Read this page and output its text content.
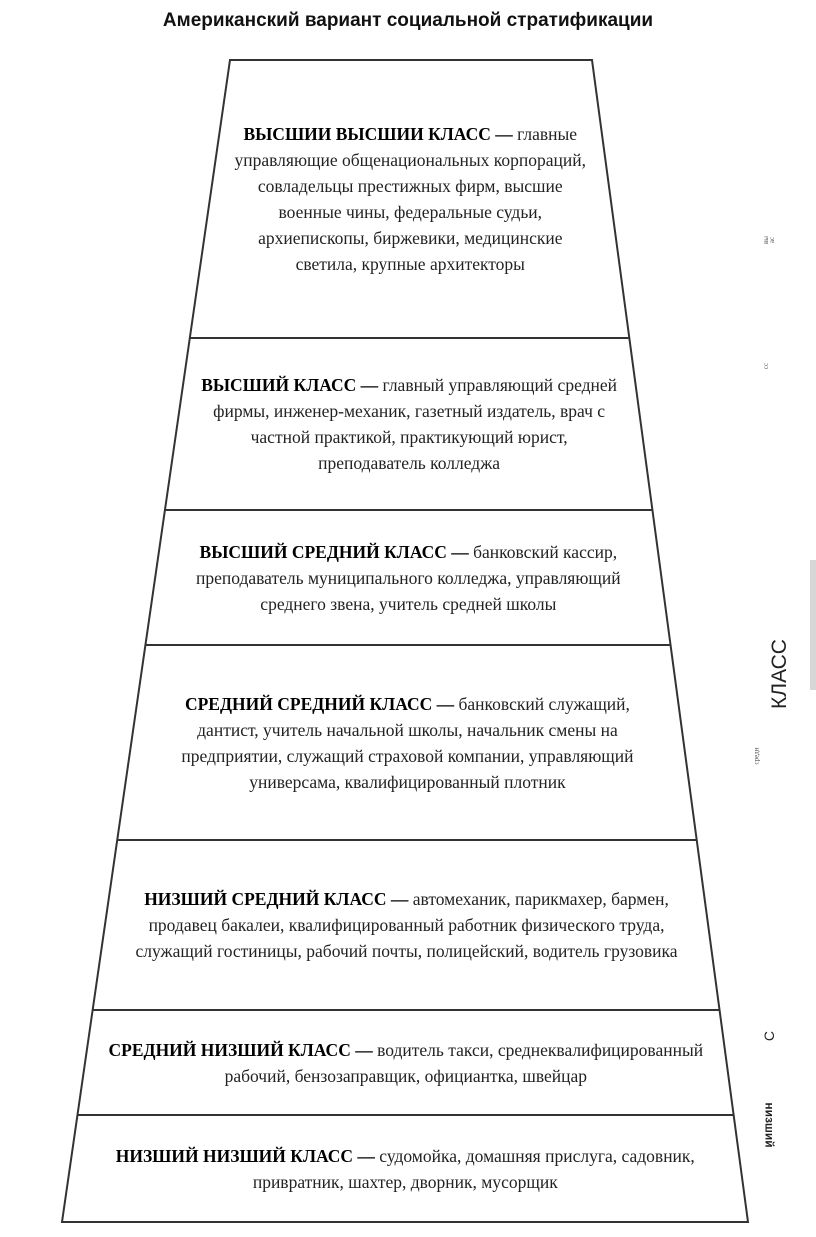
Американский вариант социальной стратификации
ВЫСШИИ ВЫСШИИ КЛАСС — главные управляющие общенациональных корпораций, совладельцы престижных фирм, высшие военные чины, федеральные судьи, архиепископы, биржевики, медицинские светила, крупные архитекторы
ВЫСШИЙ КЛАСС — главный управляющий средней фирмы, инженер-механик, газетный издатель, врач с частной практикой, практикующий юрист, преподаватель колледжа
ВЫСШИЙ СРЕДНИЙ КЛАСС — банковский кассир, преподаватель муниципального колледжа, управляющий среднего звена, учитель средней школы
СРЕДНИЙ СРЕДНИЙ КЛАСС — банковский служащий, дантист, учитель начальной школы, начальник смены на предприятии, служащий страховой компании, управляющий универсама, квалифицированный плотник
НИЗШИЙ СРЕДНИЙ КЛАСС — автомеханик, парикмахер, бармен, продавец бакалеи, квалифицированный работник физического труда, служащий гостиницы, рабочий почты, полицейский, водитель грузовика
СРЕДНИЙ НИЗШИЙ КЛАСС — водитель такси, среднеквалифицированный рабочий, бензозаправщик, официантка, швейцар
НИЗШИЙ НИЗШИЙ КЛАСС — судомойка, домашняя прислуга, садовник, привратник, шахтер, дворник, мусорщик
КЛАСС
средн
С
низший
вы
ас
сс
